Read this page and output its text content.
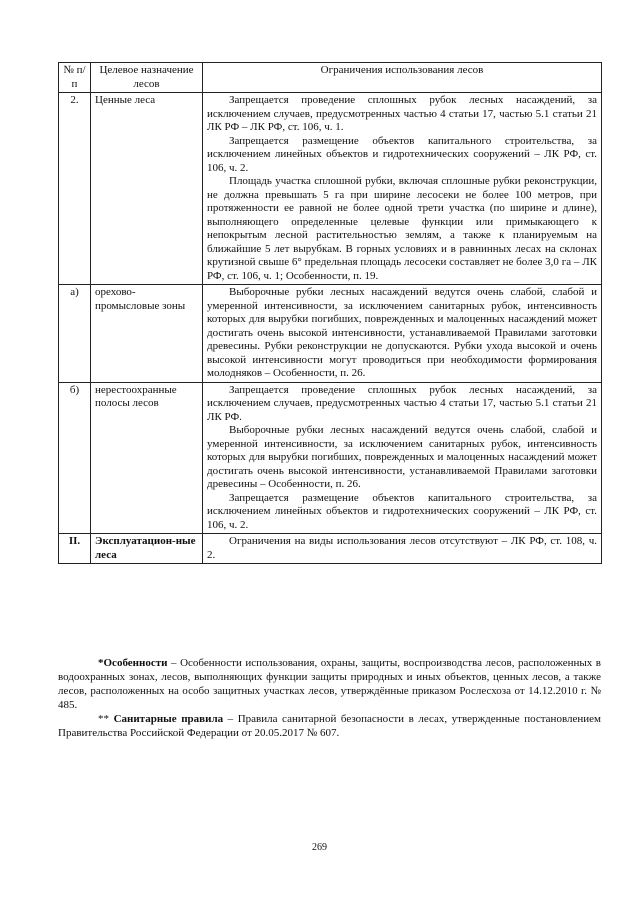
№ п/п	Целевое назначение лесов	Ограничения использования лесов
2.	Ценные леса	Запрещается проведение сплошных рубок лесных насаждений, за исключением случаев, предусмотренных частью 4 статьи 17, частью 5.1 статьи 21 ЛК РФ – ЛК РФ, ст. 106, ч. 1.

Запрещается размещение объектов капитального строительства, за исключением линейных объектов и гидротехнических сооружений – ЛК РФ, ст. 106, ч. 2.

Площадь участка сплошной рубки, включая сплошные рубки реконструкции, не должна превышать 5 га при ширине лесосеки не более 100 метров, при протяженности ее равной не более одной трети участка (по ширине и длине), выполняющего определенные целевые функции или примыкающего к непокрытым лесной растительностью землям, а также к планируемым на ближайшие 5 лет вырубкам. В горных условиях и в равнинных лесах на склонах крутизной свыше 6° предельная площадь лесосеки составляет не более 3,0 га – ЛК РФ, ст. 106, ч. 1; Особенности, п. 19.

а)	орехово-промысловые зоны	Выборочные рубки лесных насаждений ведутся очень слабой, слабой и умеренной интенсивности, за исключением санитарных рубок, интенсивность которых для вырубки погибших, поврежденных и малоценных насаждений может достигать очень высокой интенсивности, устанавливаемой Правилами заготовки древесины. Рубки реконструкции не допускаются. Рубки ухода высокой и очень высокой интенсивности могут проводиться при необходимости формирования молодняков – Особенности, п. 26.

б)	нерестоохранные полосы лесов	Запрещается проведение сплошных рубок лесных насаждений, за исключением случаев, предусмотренных частью 4 статьи 17, частью 5.1 статьи 21 ЛК РФ.

Выборочные рубки лесных насаждений ведутся очень слабой, слабой и умеренной интенсивности, за исключением санитарных рубок, интенсивность которых для вырубки погибших, поврежденных и малоценных насаждений может достигать очень высокой интенсивности, устанавливаемой Правилами заготовки древесины – Особенности, п. 26.

Запрещается размещение объектов капитального строительства, за исключением линейных объектов и гидротехнических сооружений – ЛК РФ, ст. 106, ч. 2.

II.	Эксплуатацион-ные леса	Ограничения на виды использования лесов отсутствуют – ЛК РФ, ст. 108, ч. 2.

*Особенности – Особенности использования, охраны, защиты, воспроизводства лесов, расположенных в водоохранных зонах, лесов, выполняющих функции защиты природных и иных объектов, ценных лесов, а также лесов, расположенных на особо защитных участках лесов, утверждённые приказом Рослесхоза от 14.12.2010 г. № 485.

** Санитарные правила – Правила санитарной безопасности в лесах, утвержденные постановлением Правительства Российской Федерации от 20.05.2017 № 607.

269
